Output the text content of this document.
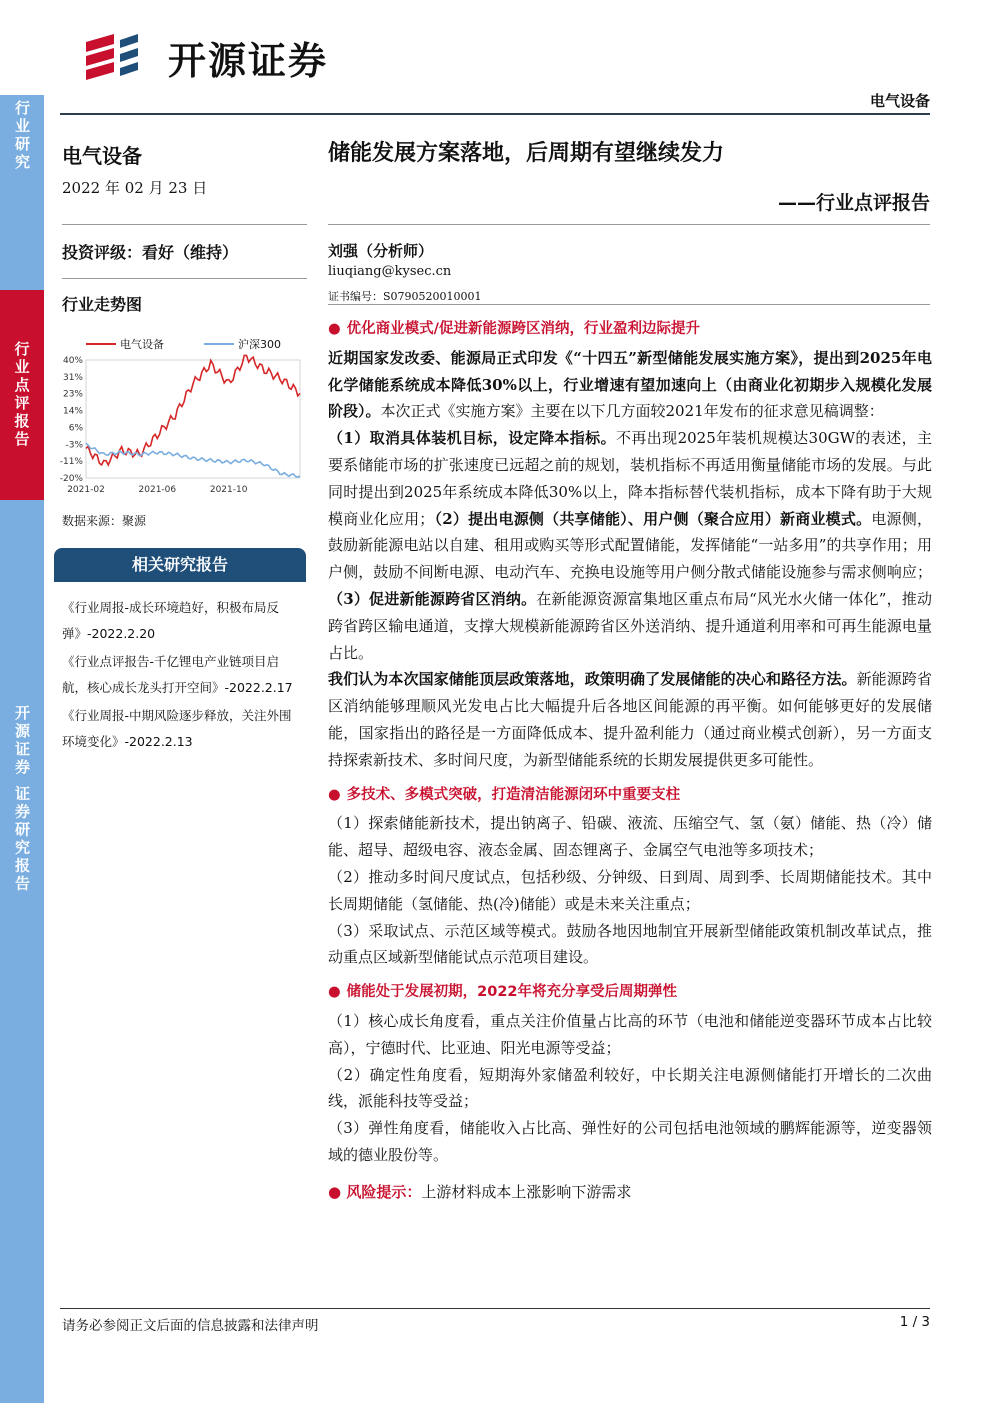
行业研究
行业点评报告
开源证券 证券研究报告
开源证券
电气设备
电气设备
2022 年 02 月 23 日
投资评级：看好（维持）
行业走势图
40%
31%
23%
14%
6%
-3%
-11%
-20%
2021-02	2021-06	2021-10
电气设备	沪深300
数据来源：聚源
相关研究报告
《行业周报-成长环境趋好，积极布局反弹》-2022.2.20
《行业点评报告-千亿锂电产业链项目启航，核心成长龙头打开空间》-2022.2.17
《行业周报-中期风险逐步释放，关注外围环境变化》-2022.2.13
储能发展方案落地，后周期有望继续发力
——行业点评报告
刘强（分析师）
liuqiang@kysec.cn
证书编号：S0790520010001
● 优化商业模式/促进新能源跨区消纳，行业盈利边际提升

近期国家发改委、能源局正式印发《“十四五”新型储能发展实施方案》，提出到2025年电化学储能系统成本降低30%以上，行业增速有望加速向上（由商业化初期步入规模化发展阶段）。本次正式《实施方案》主要在以下几方面较2021年发布的征求意见稿调整：

（1）取消具体装机目标，设定降本指标。不再出现2025年装机规模达30GW的表述，主要系储能市场的扩张速度已远超之前的规划，装机指标不再适用衡量储能市场的发展。与此同时提出到2025年系统成本降低30%以上，降本指标替代装机指标，成本下降有助于大规模商业化应用；（2）提出电源侧（共享储能）、用户侧（聚合应用）新商业模式。电源侧，鼓励新能源电站以自建、租用或购买等形式配置储能，发挥储能“一站多用”的共享作用；用户侧，鼓励不间断电源、电动汽车、充换电设施等用户侧分散式储能设施参与需求侧响应；（3）促进新能源跨省区消纳。在新能源资源富集地区重点布局“风光水火储一体化”，推动跨省跨区输电通道，支撑大规模新能源跨省区外送消纳、提升通道利用率和可再生能源电量占比。

我们认为本次国家储能顶层政策落地，政策明确了发展储能的决心和路径方法。新能源跨省区消纳能够理顺风光发电占比大幅提升后各地区间能源的再平衡。如何能够更好的发展储能，国家指出的路径是一方面降低成本、提升盈利能力（通过商业模式创新），另一方面支持探索新技术、多时间尺度，为新型储能系统的长期发展提供更多可能性。

● 多技术、多模式突破，打造清洁能源闭环中重要支柱

（1）探索储能新技术，提出钠离子、铅碳、液流、压缩空气、氢（氨）储能、热（冷）储能、超导、超级电容、液态金属、固态锂离子、金属空气电池等多项技术；

（2）推动多时间尺度试点，包括秒级、分钟级、日到周、周到季、长周期储能技术。其中长周期储能（氢储能、热(冷)储能）或是未来关注重点；

（3）采取试点、示范区域等模式。鼓励各地因地制宜开展新型储能政策机制改革试点，推动重点区域新型储能试点示范项目建设。

● 储能处于发展初期，2022年将充分享受后周期弹性

（1）核心成长角度看，重点关注价值量占比高的环节（电池和储能逆变器环节成本占比较高），宁德时代、比亚迪、阳光电源等受益；

（2）确定性角度看，短期海外家储盈利较好，中长期关注电源侧储能打开增长的二次曲线，派能科技等受益；

（3）弹性角度看，储能收入占比高、弹性好的公司包括电池领域的鹏辉能源等，逆变器领域的德业股份等。

● 风险提示：上游材料成本上涨影响下游需求

请务必参阅正文后面的信息披露和法律声明	1 / 3
